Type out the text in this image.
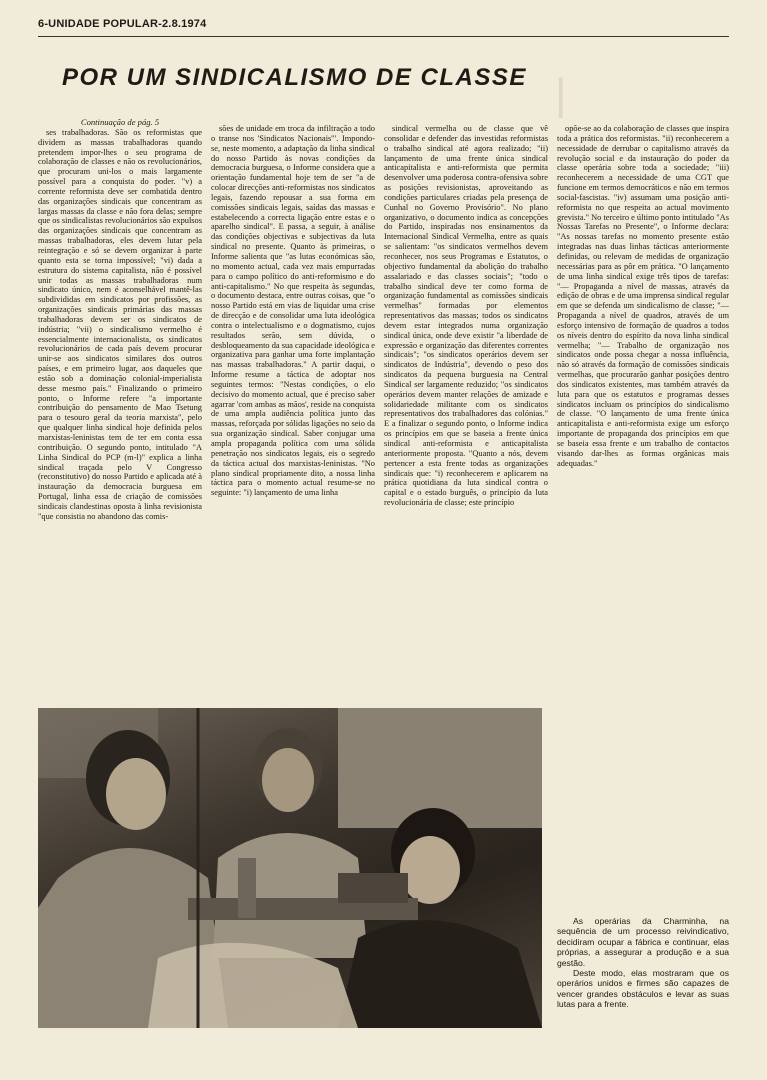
6-UNIDADE POPULAR-2.8.1974
|
POR UM SINDICALISMO DE CLASSE

Continuação de pág. 5

ses trabalhadoras. São os reformistas que dividem as massas trabalhadoras quando pretendem impor-lhes o seu programa de colaboração de classes e não os revolucionários, que procuram uni-los o mais largamente possível para a conquista do poder. "v) a corrente reformista deve ser combatida dentro das organizações sindicais que concentram as largas massas da classe e não fora delas; sempre que os sindicalistas revolucionários são expulsos das organizações sindicais que concentram as massas trabalhadoras, eles devem lutar pela reintegração e só se devem organizar à parte quanto esta se torna impossível; "vi) dada a estrutura do sistema capitalista, não é possível unir todas as massas trabalhadoras num sindicato único, nem é aconselhável mantê-las subdivididas em sindicatos por profissões, as organizações sindicais primárias das massas trabalhadoras devem ser os sindicatos de indústria; "vii) o sindicalismo vermelho é essencialmente internacionalista, os sindicatos revolucionários de cada país devem procurar unir-se aos sindicatos similares dos outros países, e em primeiro lugar, aos daqueles que estão sob a dominação colonial-imperialista desse mesmo país." Finalizando o primeiro ponto, o Informe refere "a importante contribuição do pensamento de Mao Tsetung para o tesouro geral da teoria marxista", pelo que qualquer linha sindical hoje definida pelos marxistas-leninistas tem de ter em conta essa contribuição. O segundo ponto, intitulado "A Linha Sindical do PCP (m-l)" explica a linha sindical traçada pelo V Congresso (reconstitutivo) do nosso Partido e aplicada até à instauração da democracia burguesa em Portugal, linha essa de criação de comissões sindicais clandestinas oposta à linha revisionista "que consistia no abandono das comis-

sões de unidade em troca da infiltração a todo o transe nos 'Sindicatos Nacionais'". Impondo-se, neste momento, a adaptação da linha sindical do nosso Partido às novas condições da democracia burguesa, o Informe considera que a orientação fundamental hoje tem de ser "a de colocar direcções anti-reformistas nos sindicatos legais, fazendo repousar a sua forma em comissões sindicais legais, saídas das massas e estabelecendo a correcta ligação entre estas e o aparelho sindical". E passa, a seguir, à análise das condições objectivas e subjectivas da luta sindical no presente. Quanto às primeiras, o Informe salienta que "as lutas económicas são, no momento actual, cada vez mais empurradas para o campo político do anti-reformismo e do anti-capitalismo." No que respeita às segundas, o documento destaca, entre outras coisas, que "o nosso Partido está em vias de liquidar uma crise de direcção e de consolidar uma luta ideológica contra o intelectualismo e o dogmatismo, cujos resultados serão, sem dúvida, o desbloqueamento da sua capacidade ideológica e organizativa para ganhar uma forte implantação nas massas trabalhadoras." A partir daqui, o Informe resume a táctica de adoptar nos seguintes termos: "Nestas condições, o elo decisivo do momento actual, que é preciso saber agarrar 'com ambas as mãos', reside na conquista de uma ampla audiência política junto das massas, reforçada por sólidas ligações no seio da sua organização sindical. Saber conjugar uma ampla propaganda política com uma sólida penetração nos sindicatos legais, eis o segredo da táctica actual dos marxistas-leninistas. "No plano sindical propriamente dito, a nossa linha táctica para o momento actual resume-se no seguinte: "i) lançamento de uma linha

sindical vermelha ou de classe que vê consolidar e defender das investidas reformistas o trabalho sindical até agora realizado; "ii) lançamento de uma frente única sindical anticapitalista e anti-reformista que permita desenvolver uma poderosa contra-ofensiva sobre as posições revisionistas, aproveitando as condições particulares criadas pela presença de Cunhal no Governo Provisório". No plano organizativo, o documento indica as concepções do Partido, inspiradas nos ensinamentos da Internacional Sindical Vermelha, entre as quais se salientam: "os sindicatos vermelhos devem reconhecer, nos seus Programas e Estatutos, o objectivo fundamental da abolição do trabalho assalariado e das classes sociais"; "todo o trabalho sindical deve ter como forma de organização fundamental as comissões sindicais vermelhas" formadas por elementos representativos das massas; todos os sindicatos devem estar integrados numa organização sindical única, onde deve existir "a liberdade de expressão e organização das diferentes correntes sindicais"; "os sindicatos operários devem ser sindicatos de Indústria", devendo o peso dos sindicatos da pequena burguesia na Central Sindical ser largamente reduzido; "os sindicatos operários devem manter relações de amizade e solidariedade militante com os sindicatos representativos dos trabalhadores das colónias." E a finalizar o segundo ponto, o Informe indica os princípios em que se baseia a frente única sindical anti-reformista e anticapitalista anteriormente proposta. "Quanto a nós, devem pertencer a esta frente todas as organizações sindicais que: "i) reconhecerem e aplicarem na prática quotidiana da luta sindical contra o capital e o estado burguês, o princípio da luta revolucionária de classe; este princípio

opõe-se ao da colaboração de classes que inspira toda a prática dos reformistas. "ii) reconhecerem a necessidade de derrubar o capitalismo através da revolução social e da instauração do poder da classe operária sobre toda a sociedade; "iii) reconhecerem a necessidade de uma CGT que funcione em termos democráticos e não em termos social-fascistas. "iv) assumam uma posição anti-reformista no que respeita ao actual movimento grevista." No terceiro e último ponto intitulado "As Nossas Tarefas no Presente", o Informe declara: "As nossas tarefas no momento presente estão integradas nas duas linhas tácticas anteriormente definidas, ou relevam de medidas de organização necessárias para as pôr em prática. "O lançamento de uma linha sindical exige três tipos de tarefas: "— Propaganda a nível de massas, através da edição de obras e de uma imprensa sindical regular em que se defenda um sindicalismo de classe; "— Propaganda a nível de quadros, através de um esforço intensivo de formação de quadros a todos os níveis dentro do espírito da nova linha sindical vermelha; "— Trabalho de organização nos sindicatos onde possa chegar a nossa influência, não só através da formação de comissões sindicais vermelhas, que procurarão ganhar posições dentro dos sindicatos existentes, mas também através da luta para que os estatutos e programas desses sindicatos incluam os princípios do sindicalismo de classe. "O lançamento de uma frente única anticapitalista e anti-reformista exige um esforço importante de propaganda dos princípios em que se baseia essa frente e um trabalho de contactos visando dar-lhes as formas orgânicas mais adequadas."

As operárias da Charminha, na sequência de um processo reivindicativo, decidiram ocupar a fábrica e continuar, elas próprias, a assegurar a produção e a sua gestão.

Deste modo, elas mostraram que os operários unidos e firmes são capazes de vencer grandes obstáculos e levar as suas lutas para a frente.
